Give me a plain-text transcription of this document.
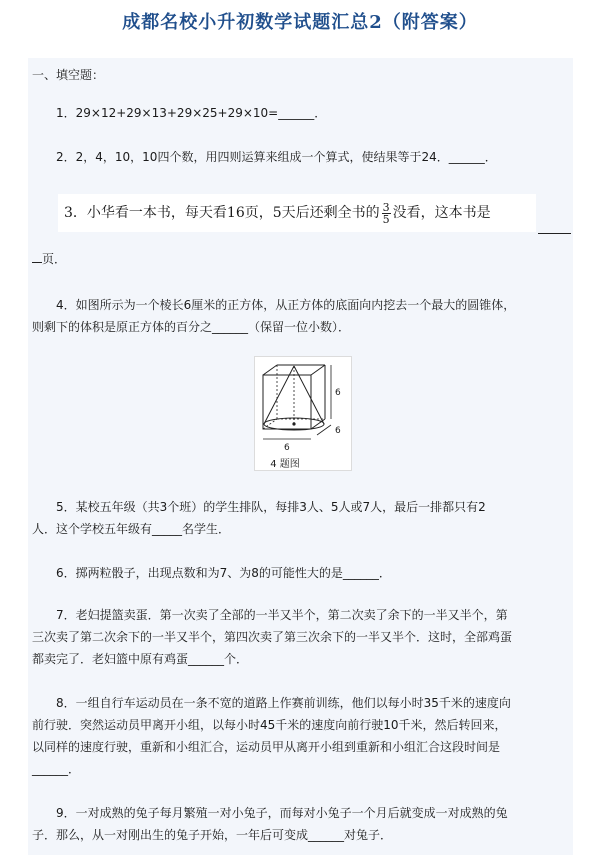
成都名校小升初数学试题汇总2（附答案）
一、填空题：
1．29×12+29×13+29×25+29×10=______．
2．2，4，10，10四个数，用四则运算来组成一个算式，使结果等于24．______．
3．小华看一本书，每天看16页，5天后还剩全书的 $\frac{3}{5}$ 没看，这本书是
页．
4．如图所示为一个棱长6厘米的正方体，从正方体的底面向内挖去一个最大的圆锥体，
则剩下的体积是原正方体的百分之______（保留一位小数）．
6
6
6
4 题图
5．某校五年级（共3个班）的学生排队，每排3人、5人或7人，最后一排都只有2
人．这个学校五年级有_____名学生．
6．掷两粒骰子，出现点数和为7、为8的可能性大的是______．
7．老妇提篮卖蛋．第一次卖了全部的一半又半个，第二次卖了余下的一半又半个，第
三次卖了第二次余下的一半又半个，第四次卖了第三次余下的一半又半个．这时，全部鸡蛋
都卖完了．老妇篮中原有鸡蛋______个．
8．一组自行车运动员在一条不宽的道路上作赛前训练，他们以每小时35千米的速度向
前行驶．突然运动员甲离开小组，以每小时45千米的速度向前行驶10千米，然后转回来，
以同样的速度行驶，重新和小组汇合，运动员甲从离开小组到重新和小组汇合这段时间是
______．
9．一对成熟的兔子每月繁殖一对小兔子，而每对小兔子一个月后就变成一对成熟的兔
子．那么，从一对刚出生的兔子开始，一年后可变成______对兔子．
